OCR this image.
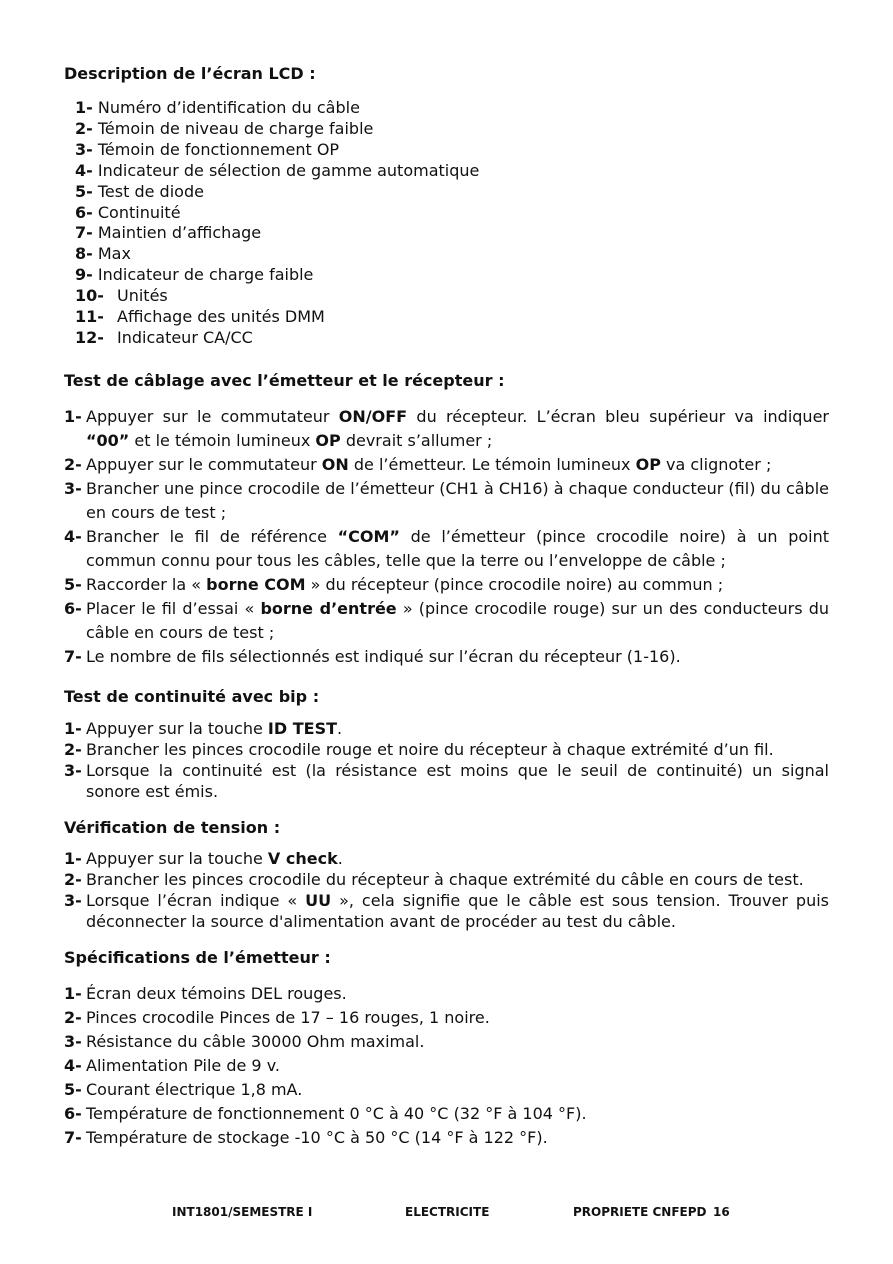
Description de l’écran LCD :
1- Numéro d’identification du câble
2- Témoin de niveau de charge faible
3- Témoin de fonctionnement OP
4- Indicateur de sélection de gamme automatique
5- Test de diode
6- Continuité
7- Maintien d’affichage
8- Max
9- Indicateur de charge faible
10- Unités
11- Affichage des unités DMM
12- Indicateur CA/CC
Test de câblage avec l’émetteur et le récepteur :
1- Appuyer sur le commutateur ON/OFF du récepteur. L’écran bleu supérieur va indiquer “00” et le témoin lumineux OP devrait s’allumer ;
2- Appuyer sur le commutateur ON de l’émetteur. Le témoin lumineux OP va clignoter ;
3- Brancher une pince crocodile de l’émetteur (CH1 à CH16) à chaque conducteur (fil) du câble en cours de test ;
4- Brancher le fil de référence “COM” de l’émetteur (pince crocodile noire) à un point commun connu pour tous les câbles, telle que la terre ou l’enveloppe de câble ;
5- Raccorder la « borne COM » du récepteur (pince crocodile noire) au commun ;
6- Placer le fil d’essai « borne d’entrée » (pince crocodile rouge) sur un des conducteurs du câble en cours de test ;
7- Le nombre de fils sélectionnés est indiqué sur l’écran du récepteur (1-16).
Test de continuité avec bip :
1- Appuyer sur la touche ID TEST.
2- Brancher les pinces crocodile rouge et noire du récepteur à chaque extrémité d’un fil.
3- Lorsque la continuité est (la résistance est moins que le seuil de continuité) un signal sonore est émis.
Vérification de tension :
1- Appuyer sur la touche V check.
2- Brancher les pinces crocodile du récepteur à chaque extrémité du câble en cours de test.
3- Lorsque l’écran indique « UU », cela signifie que le câble est sous tension. Trouver puis déconnecter la source d'alimentation avant de procéder au test du câble.
Spécifications de l’émetteur :
1- Écran deux témoins DEL rouges.
2- Pinces crocodile Pinces de 17 – 16 rouges, 1 noire.
3- Résistance du câble 30000 Ohm maximal.
4- Alimentation Pile de 9 v.
5- Courant électrique 1,8 mA.
6- Température de fonctionnement 0 °C à 40 °C (32 °F à 104 °F).
7- Température de stockage -10 °C à 50 °C (14 °F à 122 °F).
INT1801/SEMESTRE I	ELECTRICITE	PROPRIETE CNFEPD 16
